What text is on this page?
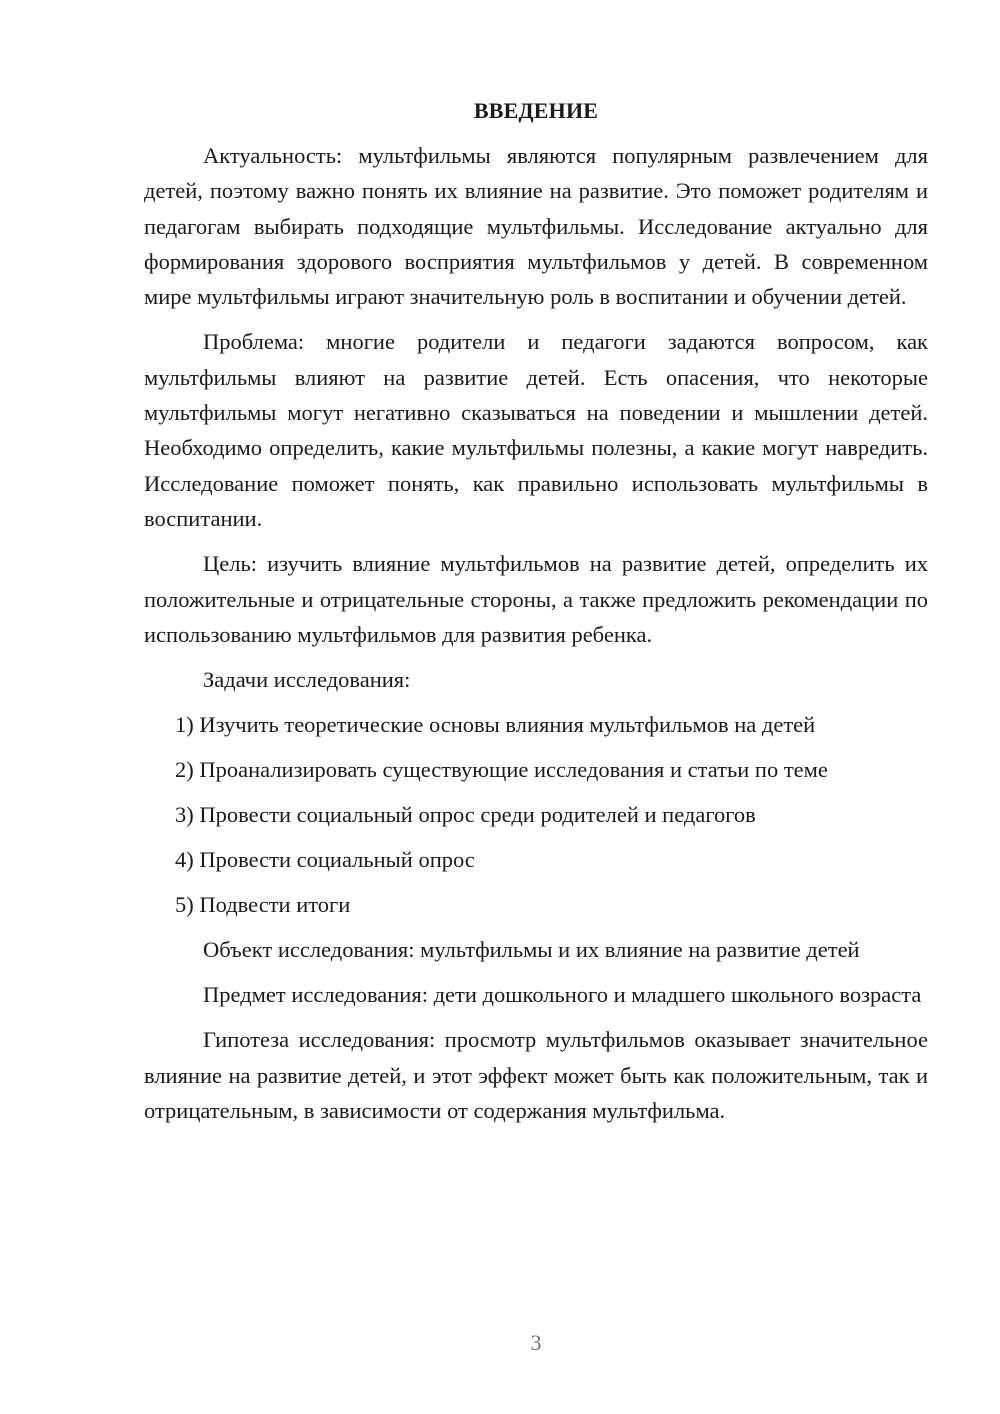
ВВЕДЕНИЕ

Актуальность: мультфильмы являются популярным развлечением для детей, поэтому важно понять их влияние на развитие. Это поможет родителям и педагогам выбирать подходящие мультфильмы. Исследование актуально для формирования здорового восприятия мультфильмов у детей. В современном мире мультфильмы играют значительную роль в воспитании и обучении детей.

Проблема: многие родители и педагоги задаются вопросом, как мультфильмы влияют на развитие детей. Есть опасения, что некоторые мультфильмы могут негативно сказываться на поведении и мышлении детей. Необходимо определить, какие мультфильмы полезны, а какие могут навредить. Исследование поможет понять, как правильно использовать мультфильмы в воспитании.

Цель: изучить влияние мультфильмов на развитие детей, определить их положительные и отрицательные стороны, а также предложить рекомендации по использованию мультфильмов для развития ребенка.

Задачи исследования:

1) Изучить теоретические основы влияния мультфильмов на детей

2) Проанализировать существующие исследования и статьи по теме

3) Провести социальный опрос среди родителей и педагогов

4) Провести социальный опрос

5) Подвести итоги

Объект исследования: мультфильмы и их влияние на развитие детей

Предмет исследования: дети дошкольного и младшего школьного возраста

Гипотеза исследования: просмотр мультфильмов оказывает значительное влияние на развитие детей, и этот эффект может быть как положительным, так и отрицательным, в зависимости от содержания мультфильма.

3
